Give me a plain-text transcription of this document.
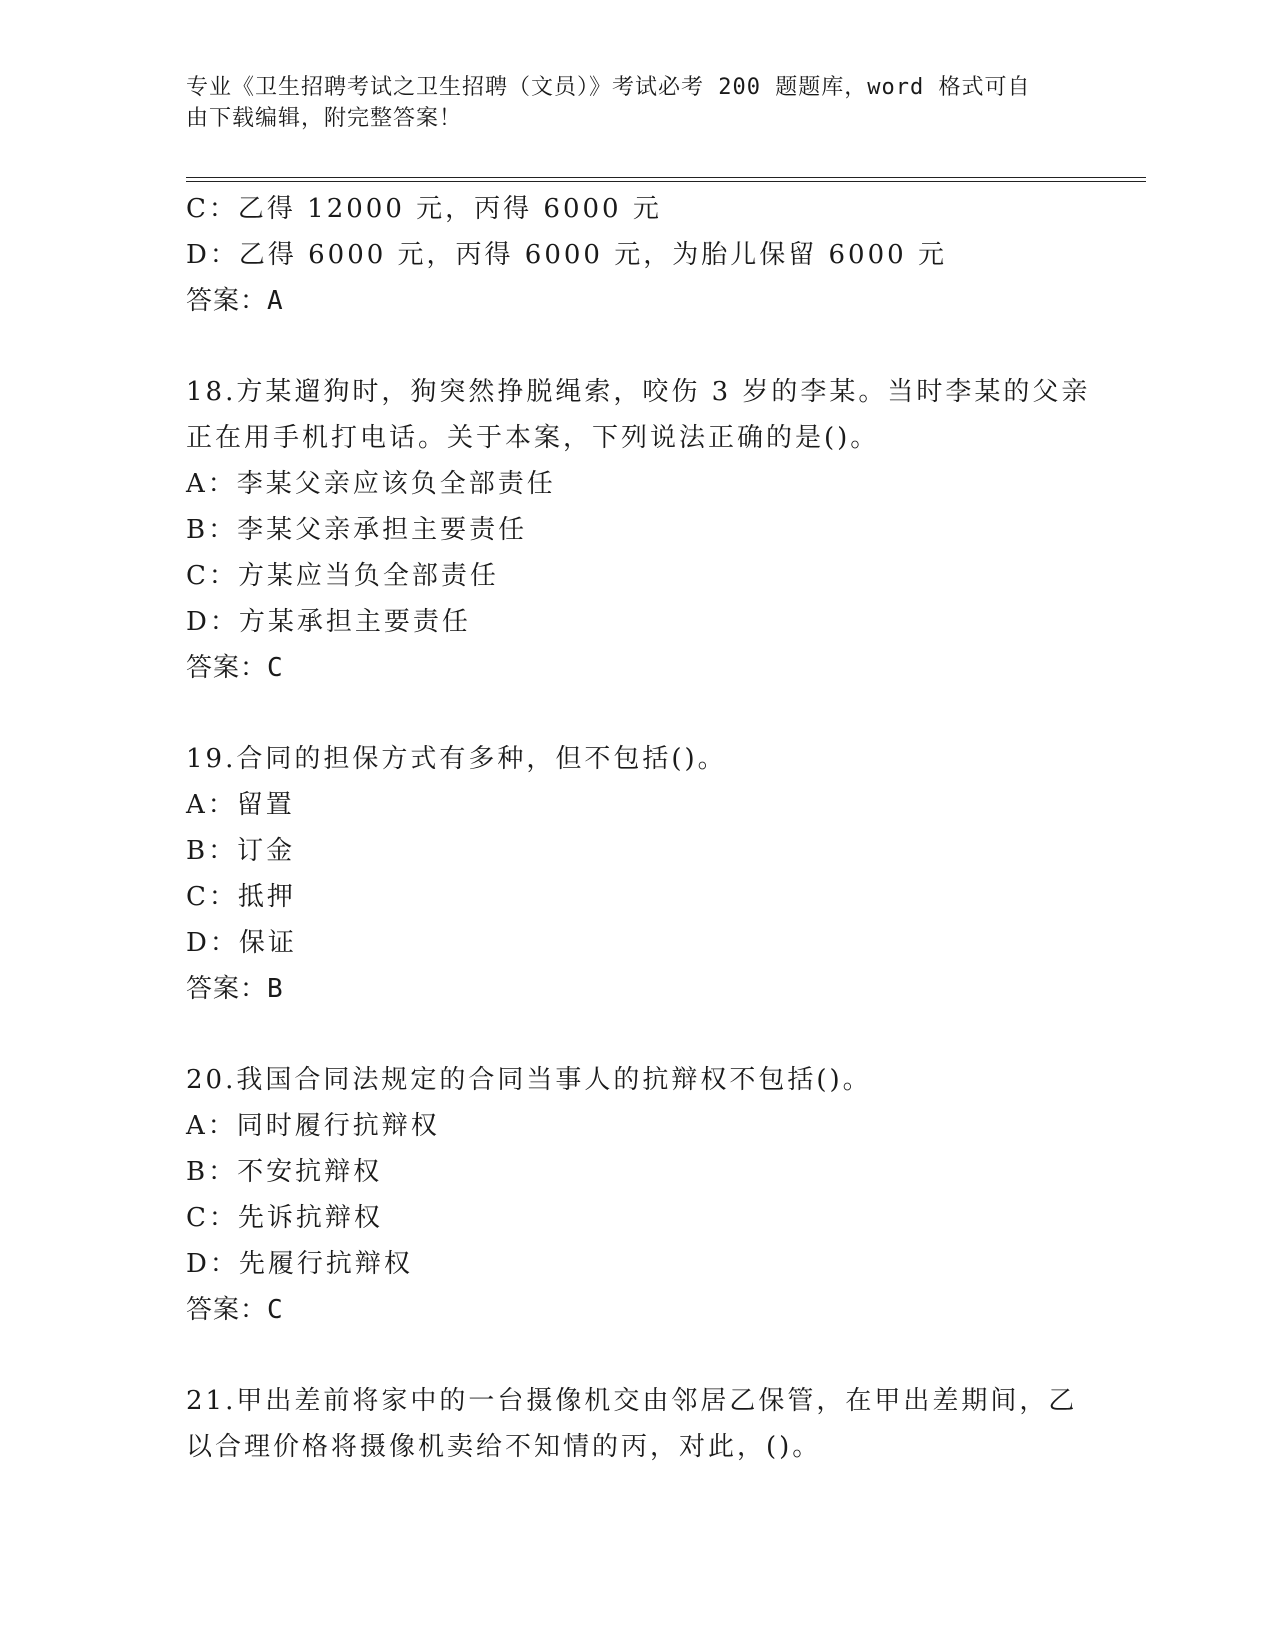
专业《卫生招聘考试之卫生招聘（文员）》考试必考 200 题题库，word 格式可自
由下载编辑，附完整答案！
C：乙得 12000 元，丙得 6000 元
D：乙得 6000 元，丙得 6000 元，为胎儿保留 6000 元
答案：A
18.方某遛狗时，狗突然挣脱绳索，咬伤 3 岁的李某。当时李某的父亲
正在用手机打电话。关于本案，下列说法正确的是()。
A：李某父亲应该负全部责任
B：李某父亲承担主要责任
C：方某应当负全部责任
D：方某承担主要责任
答案：C
19.合同的担保方式有多种，但不包括()。
A：留置
B：订金
C：抵押
D：保证
答案：B
20.我国合同法规定的合同当事人的抗辩权不包括()。
A：同时履行抗辩权
B：不安抗辩权
C：先诉抗辩权
D：先履行抗辩权
答案：C
21.甲出差前将家中的一台摄像机交由邻居乙保管，在甲出差期间，乙
以合理价格将摄像机卖给不知情的丙，对此，()。
